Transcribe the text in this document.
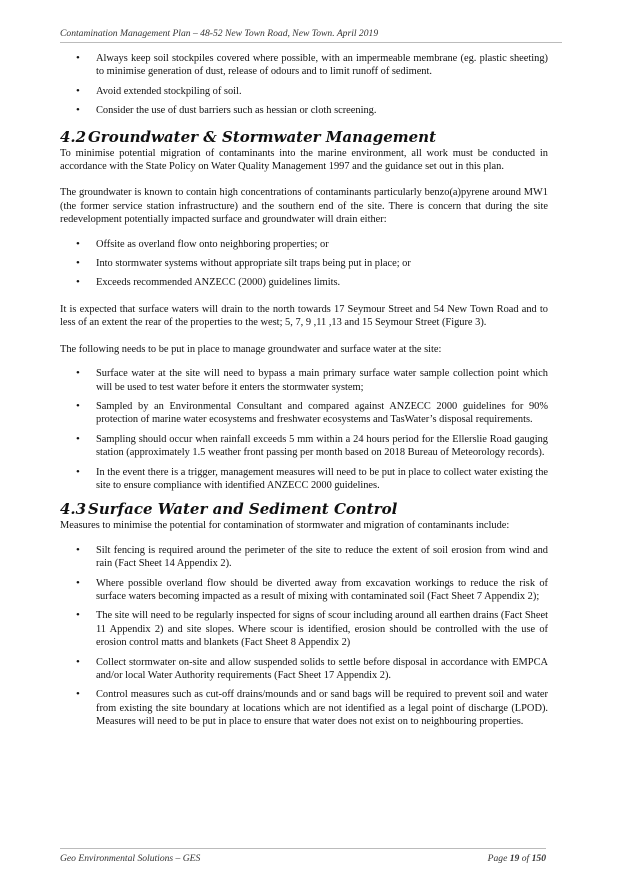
Contamination Management Plan – 48-52 New Town Road, New Town. April 2019
• Always keep soil stockpiles covered where possible, with an impermeable membrane (eg. plastic sheeting) to minimise generation of dust, release of odours and to limit runoff of sediment.
• Avoid extended stockpiling of soil.
• Consider the use of dust barriers such as hessian or cloth screening.
4.2 Groundwater & Stormwater Management

To minimise potential migration of contaminants into the marine environment, all work must be conducted in accordance with the State Policy on Water Quality Management 1997 and the guidance set out in this plan.

The groundwater is known to contain high concentrations of contaminants particularly benzo(a)pyrene around MW1 (the former service station infrastructure) and the southern end of the site. There is concern that during the site redevelopment potentially impacted surface and groundwater will drain either:

• Offsite as overland flow onto neighboring properties; or
• Into stormwater systems without appropriate silt traps being put in place; or
• Exceeds recommended ANZECC (2000) guidelines limits.

It is expected that surface waters will drain to the north towards 17 Seymour Street and 54 New Town Road and to less of an extent the rear of the properties to the west; 5, 7, 9 ,11 ,13 and 15 Seymour Street (Figure 3).

The following needs to be put in place to manage groundwater and surface water at the site:

• Surface water at the site will need to bypass a main primary surface water sample collection point which will be used to test water before it enters the stormwater system;
• Sampled by an Environmental Consultant and compared against ANZECC 2000 guidelines for 90% protection of marine water ecosystems and freshwater ecosystems and TasWater’s disposal requirements.
• Sampling should occur when rainfall exceeds 5 mm within a 24 hours period for the Ellerslie Road gauging station (approximately 1.5 weather front passing per month based on 2018 Bureau of Meteorology records).
• In the event there is a trigger, management measures will need to be put in place to collect water existing the site to ensure compliance with identified ANZECC 2000 guidelines.
4.3 Surface Water and Sediment Control

Measures to minimise the potential for contamination of stormwater and migration of contaminants include:

• Silt fencing is required around the perimeter of the site to reduce the extent of soil erosion from wind and rain (Fact Sheet 14 Appendix 2).
• Where possible overland flow should be diverted away from excavation workings to reduce the risk of surface waters becoming impacted as a result of mixing with contaminated soil (Fact Sheet 7 Appendix 2);
• The site will need to be regularly inspected for signs of scour including around all earthen drains (Fact Sheet 11 Appendix 2) and site slopes. Where scour is identified, erosion should be controlled with the use of erosion control matts and blankets (Fact Sheet 8 Appendix 2)
• Collect stormwater on-site and allow suspended solids to settle before disposal in accordance with EMPCA and/or local Water Authority requirements (Fact Sheet 17 Appendix 2).
• Control measures such as cut-off drains/mounds and or sand bags will be required to prevent soil and water from existing the site boundary at locations which are not identified as a legal point of discharge (LPOD). Measures will need to be put in place to ensure that water does not exist on to neighbouring properties.
Geo Environmental Solutions – GES	Page 19 of 150
